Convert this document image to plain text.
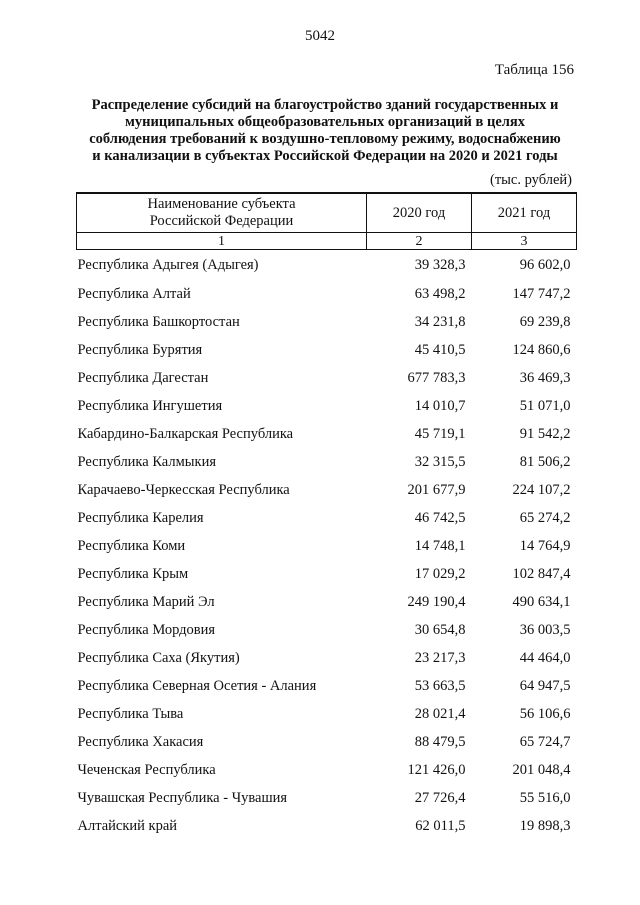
5042
Таблица 156
Распределение субсидий на благоустройство зданий государственных и
муниципальных общеобразовательных организаций в целях
соблюдения требований к воздушно-тепловому режиму, водоснабжению
и канализации в субъектах Российской Федерации на 2020 и 2021 годы
(тыс. рублей)
Наименование субъекта
Российской Федерации	2020 год	2021 год
1	2	3
Республика Адыгея (Адыгея)	39 328,3	96 602,0
Республика Алтай	63 498,2	147 747,2
Республика Башкортостан	34 231,8	69 239,8
Республика Бурятия	45 410,5	124 860,6
Республика Дагестан	677 783,3	36 469,3
Республика Ингушетия	14 010,7	51 071,0
Кабардино-Балкарская Республика	45 719,1	91 542,2
Республика Калмыкия	32 315,5	81 506,2
Карачаево-Черкесская Республика	201 677,9	224 107,2
Республика Карелия	46 742,5	65 274,2
Республика Коми	14 748,1	14 764,9
Республика Крым	17 029,2	102 847,4
Республика Марий Эл	249 190,4	490 634,1
Республика Мордовия	30 654,8	36 003,5
Республика Саха (Якутия)	23 217,3	44 464,0
Республика Северная Осетия - Алания	53 663,5	64 947,5
Республика Тыва	28 021,4	56 106,6
Республика Хакасия	88 479,5	65 724,7
Чеченская Республика	121 426,0	201 048,4
Чувашская Республика - Чувашия	27 726,4	55 516,0
Алтайский край	62 011,5	19 898,3
